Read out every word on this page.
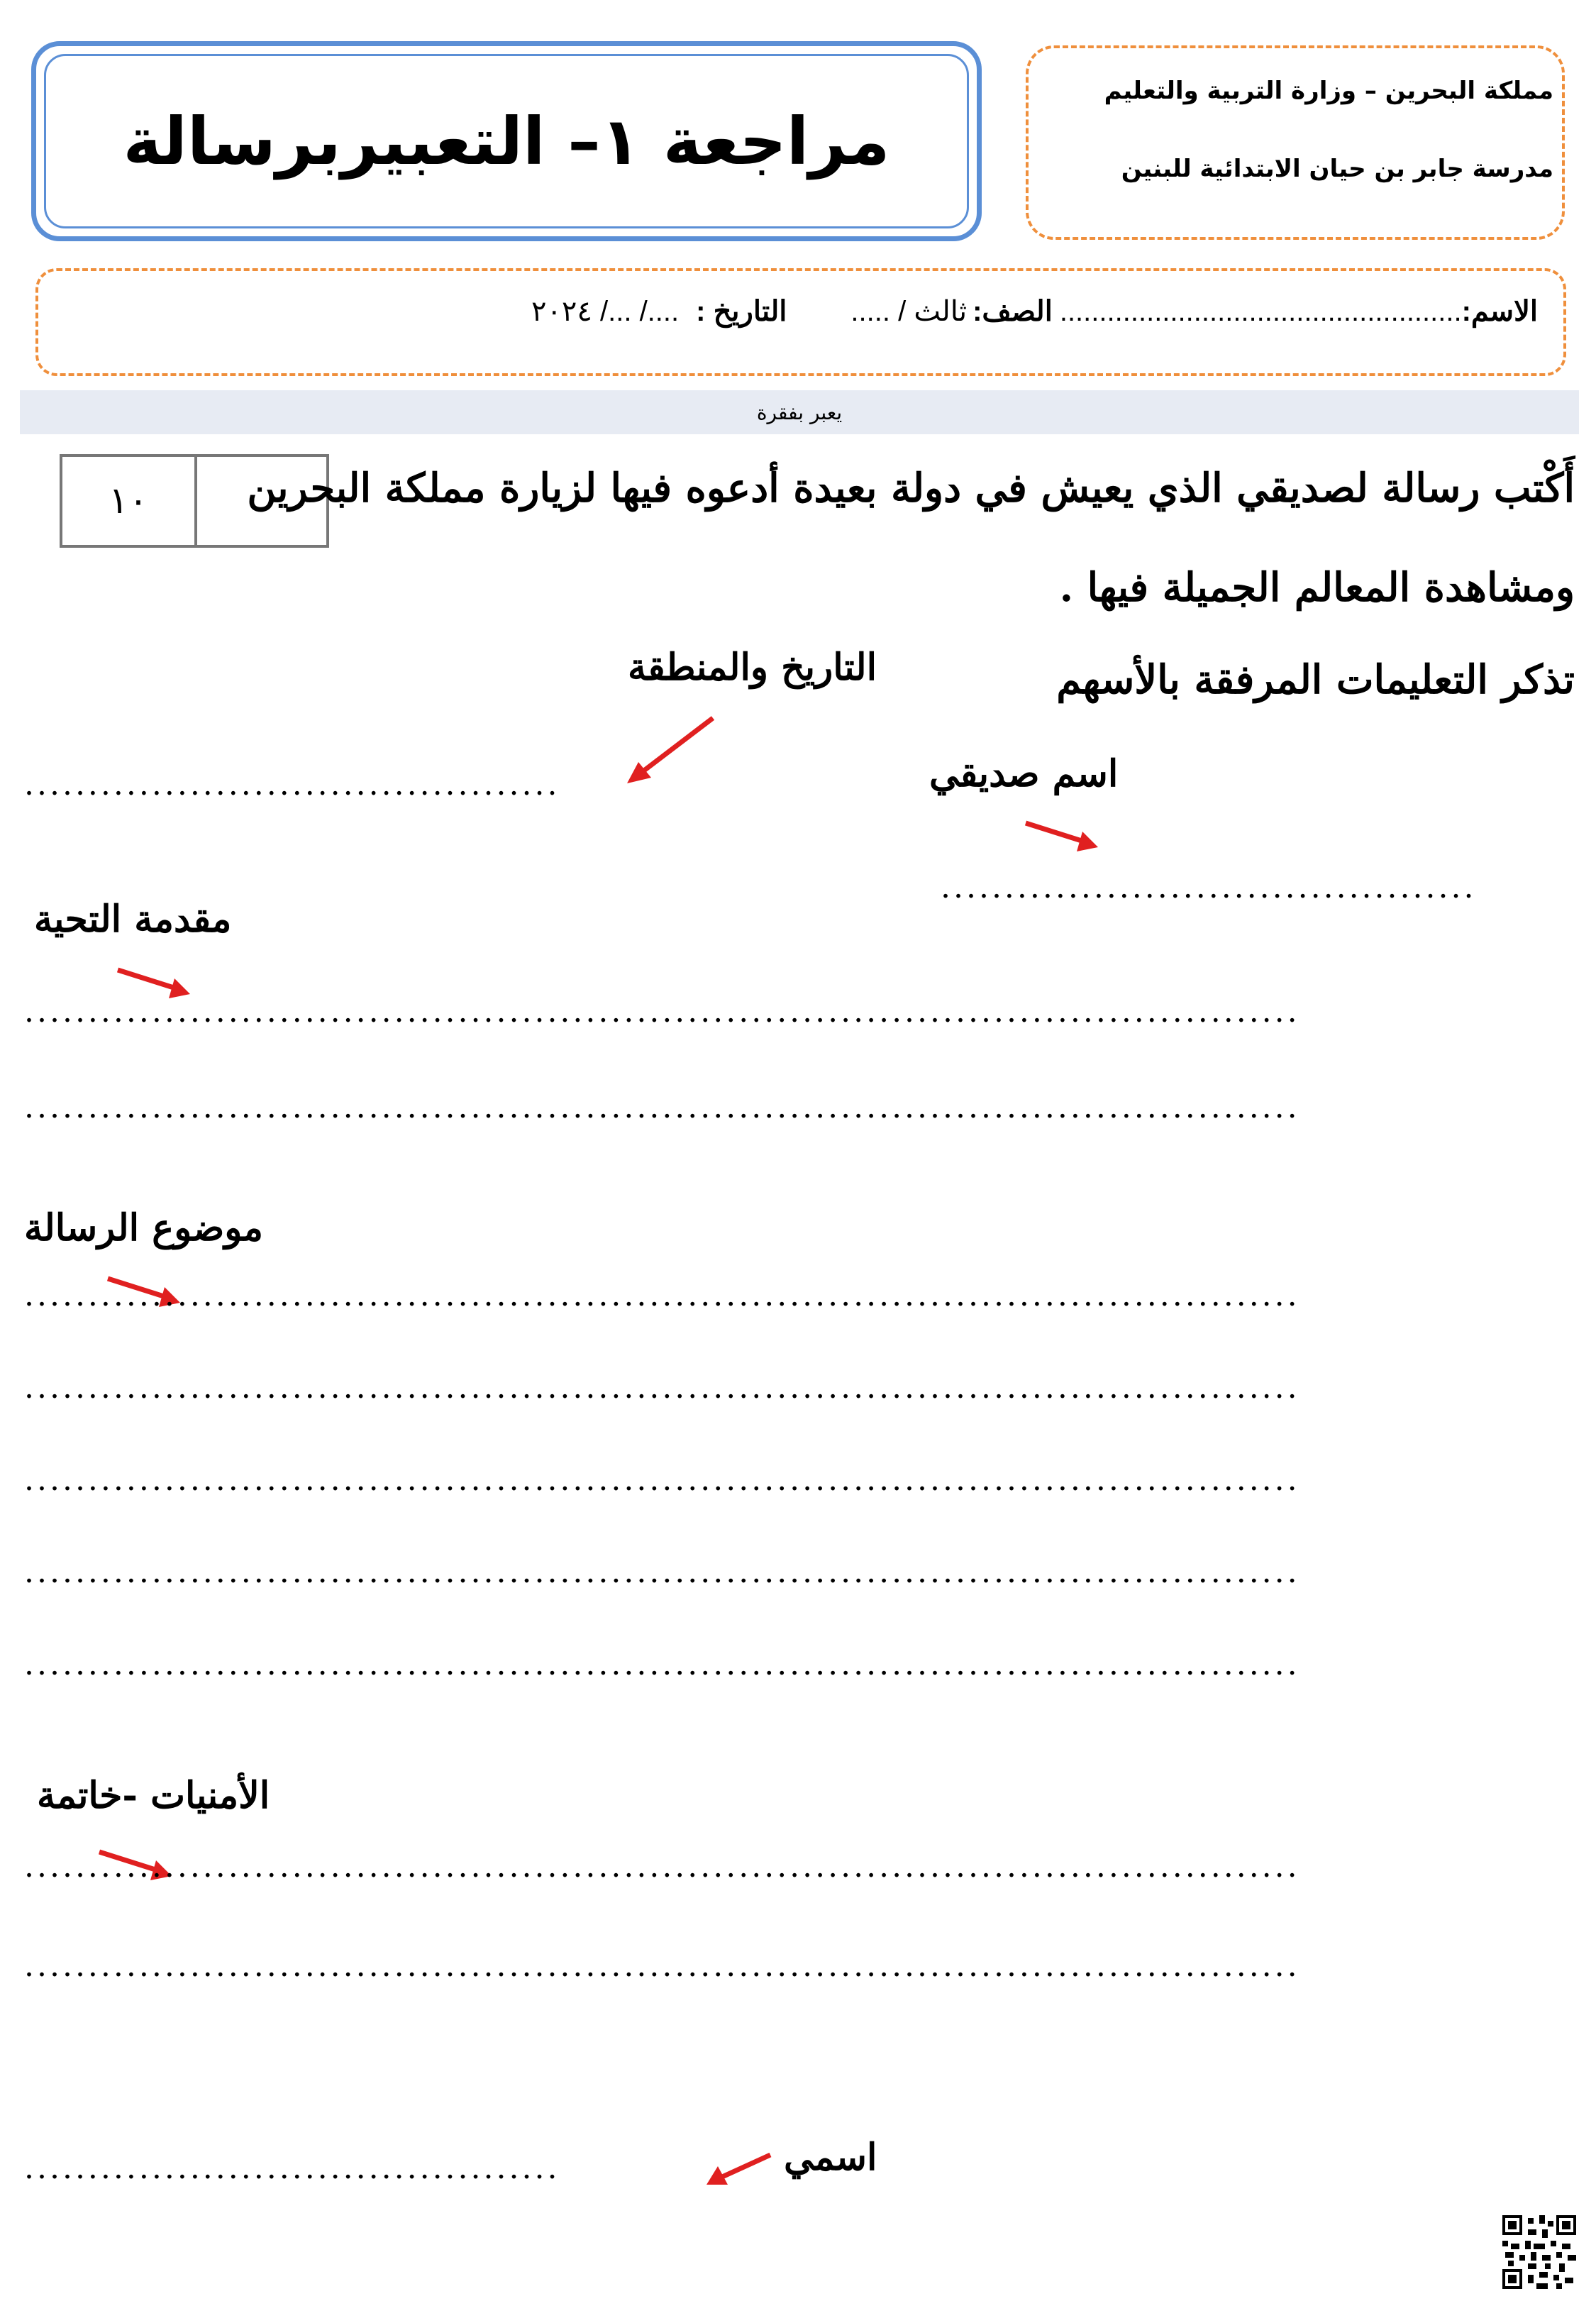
مراجعة ١– التعبيربرسالة
مملكة البحرين – وزارة التربية والتعليم
مدرسة جابر بن حيان الابتدائية للبنين
الاسم:
...................................................
الصف:
ثالث / .....
التاريخ :
..../ .../ ٢٠٢٤
يعبر بفقرة
١٠	أَكْتب رسالة لصديقي الذي يعيش في دولة بعيدة أدعوه فيها لزيارة مملكة البحرين
ومشاهدة المعالم الجميلة فيها .
تذكر التعليمات المرفقة بالأسهم
التاريخ والمنطقة
..........................................	اسم صديقي
..........................................
مقدمة التحية
....................................................................................................
....................................................................................................
موضوع الرسالة
....................................................................................................
....................................................................................................
....................................................................................................
....................................................................................................
....................................................................................................
الأمنيات -خاتمة
....................................................................................................
....................................................................................................
اسمي
..........................................
